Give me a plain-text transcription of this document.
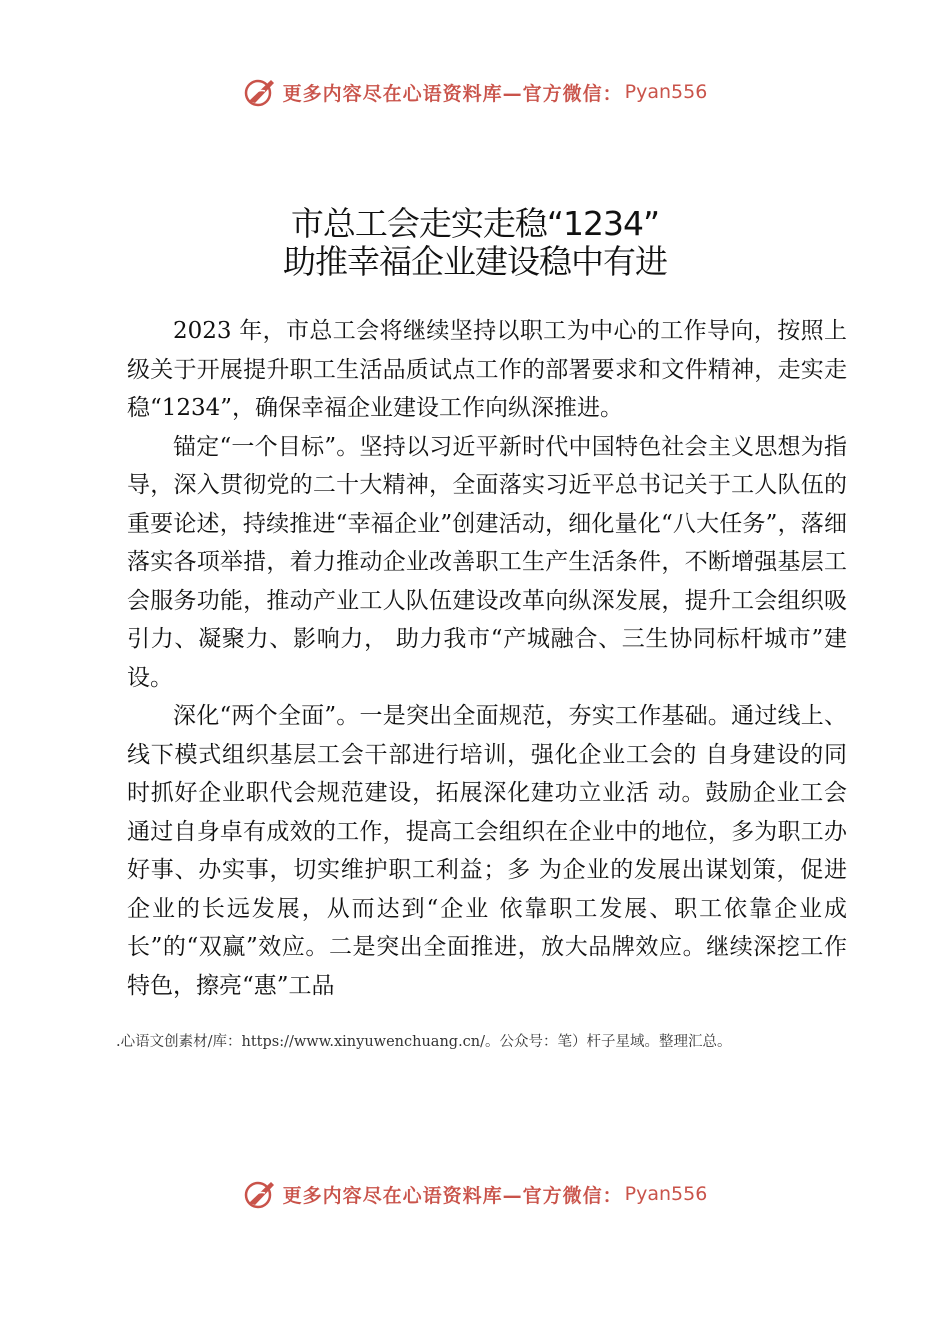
更多内容尽在心语资料库—官方微信： Pyan556
市总工会走实走稳“1234”
助推幸福企业建设稳中有进

2023 年，市总工会将继续坚持以职工为中心的工作导向，按照上级关于开展提升职工生活品质试点工作的部署要求和文件精神，走实走稳“1234”，确保幸福企业建设工作向纵深推进。

锚定“一个目标”。坚持以习近平新时代中国特色社会主义思想为指导，深入贯彻党的二十大精神，全面落实习近平总书记关于工人队伍的重要论述，持续推进“幸福企业”创建活动，细化量化“八大任务”，落细落实各项举措，着力推动企业改善职工生产生活条件，不断增强基层工会服务功能，推动产业工人队伍建设改革向纵深发展，提升工会组织吸引力、凝聚力、影响力， 助力我市“产城融合、三生协同标杆城市”建设。

深化“两个全面”。一是突出全面规范，夯实工作基础。通过线上、线下模式组织基层工会干部进行培训，强化企业工会的 自身建设的同时抓好企业职代会规范建设，拓展深化建功立业活 动。鼓励企业工会通过自身卓有成效的工作，提高工会组织在企业中的地位，多为职工办好事、办实事，切实维护职工利益；多 为企业的发展出谋划策，促进企业的长远发展，从而达到“企业 依靠职工发展、职工依靠企业成长”的“双赢”效应。二是突出全面推进，放大品牌效应。继续深挖工作特色，擦亮“惠”工品

.心语文创素材/库：https://www.xinyuwenchuang.cn/。公众号：笔）杆子星域。整理汇总。
更多内容尽在心语资料库—官方微信： Pyan556
